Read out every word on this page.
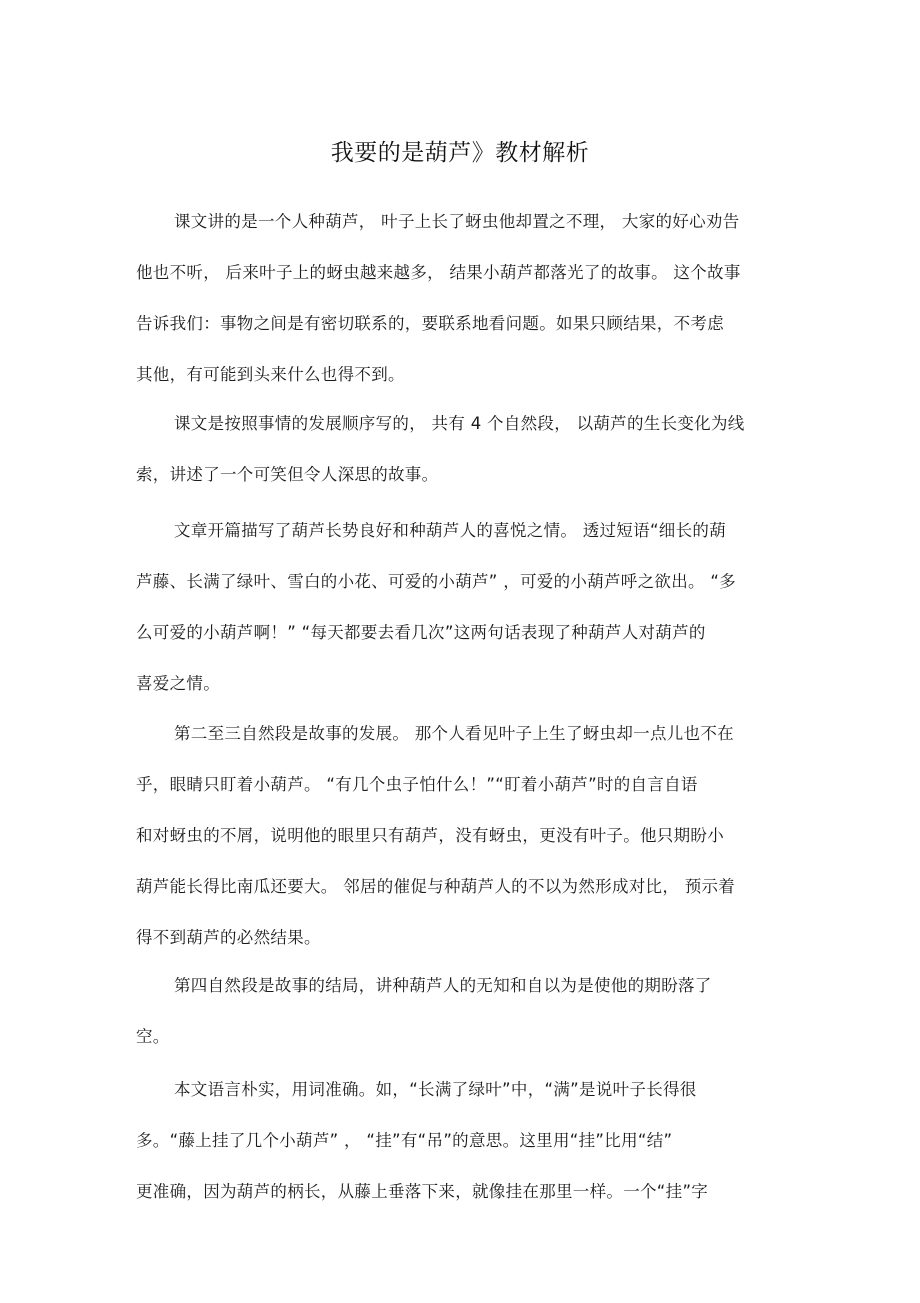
我要的是葫芦》教材解析
课文讲的是一个人种葫芦， 叶子上长了蚜虫他却置之不理， 大家的好心劝告
他也不听， 后来叶子上的蚜虫越来越多， 结果小葫芦都落光了的故事。 这个故事
告诉我们：事物之间是有密切联系的，要联系地看问题。如果只顾结果，不考虑
其他，有可能到头来什么也得不到。
课文是按照事情的发展顺序写的， 共有 4 个自然段， 以葫芦的生长变化为线
索，讲述了一个可笑但令人深思的故事。
文章开篇描写了葫芦长势良好和种葫芦人的喜悦之情。 透过短语“细长的葫
芦藤、长满了绿叶、雪白的小花、可爱的小葫芦” ，可爱的小葫芦呼之欲出。 “多
么可爱的小葫芦啊！” “每天都要去看几次”这两句话表现了种葫芦人对葫芦的
喜爱之情。
第二至三自然段是故事的发展。 那个人看见叶子上生了蚜虫却一点儿也不在
乎，眼睛只盯着小葫芦。 “有几个虫子怕什么！”“盯着小葫芦”时的自言自语
和对蚜虫的不屑，说明他的眼里只有葫芦，没有蚜虫，更没有叶子。他只期盼小
葫芦能长得比南瓜还要大。 邻居的催促与种葫芦人的不以为然形成对比， 预示着
得不到葫芦的必然结果。
第四自然段是故事的结局，讲种葫芦人的无知和自以为是使他的期盼落了
空。
本文语言朴实，用词准确。如，“长满了绿叶”中，“满”是说叶子长得很
多。“藤上挂了几个小葫芦” ， “挂”有“吊”的意思。这里用“挂”比用“结”
更准确，因为葫芦的柄长，从藤上垂落下来，就像挂在那里一样。一个“挂”字
